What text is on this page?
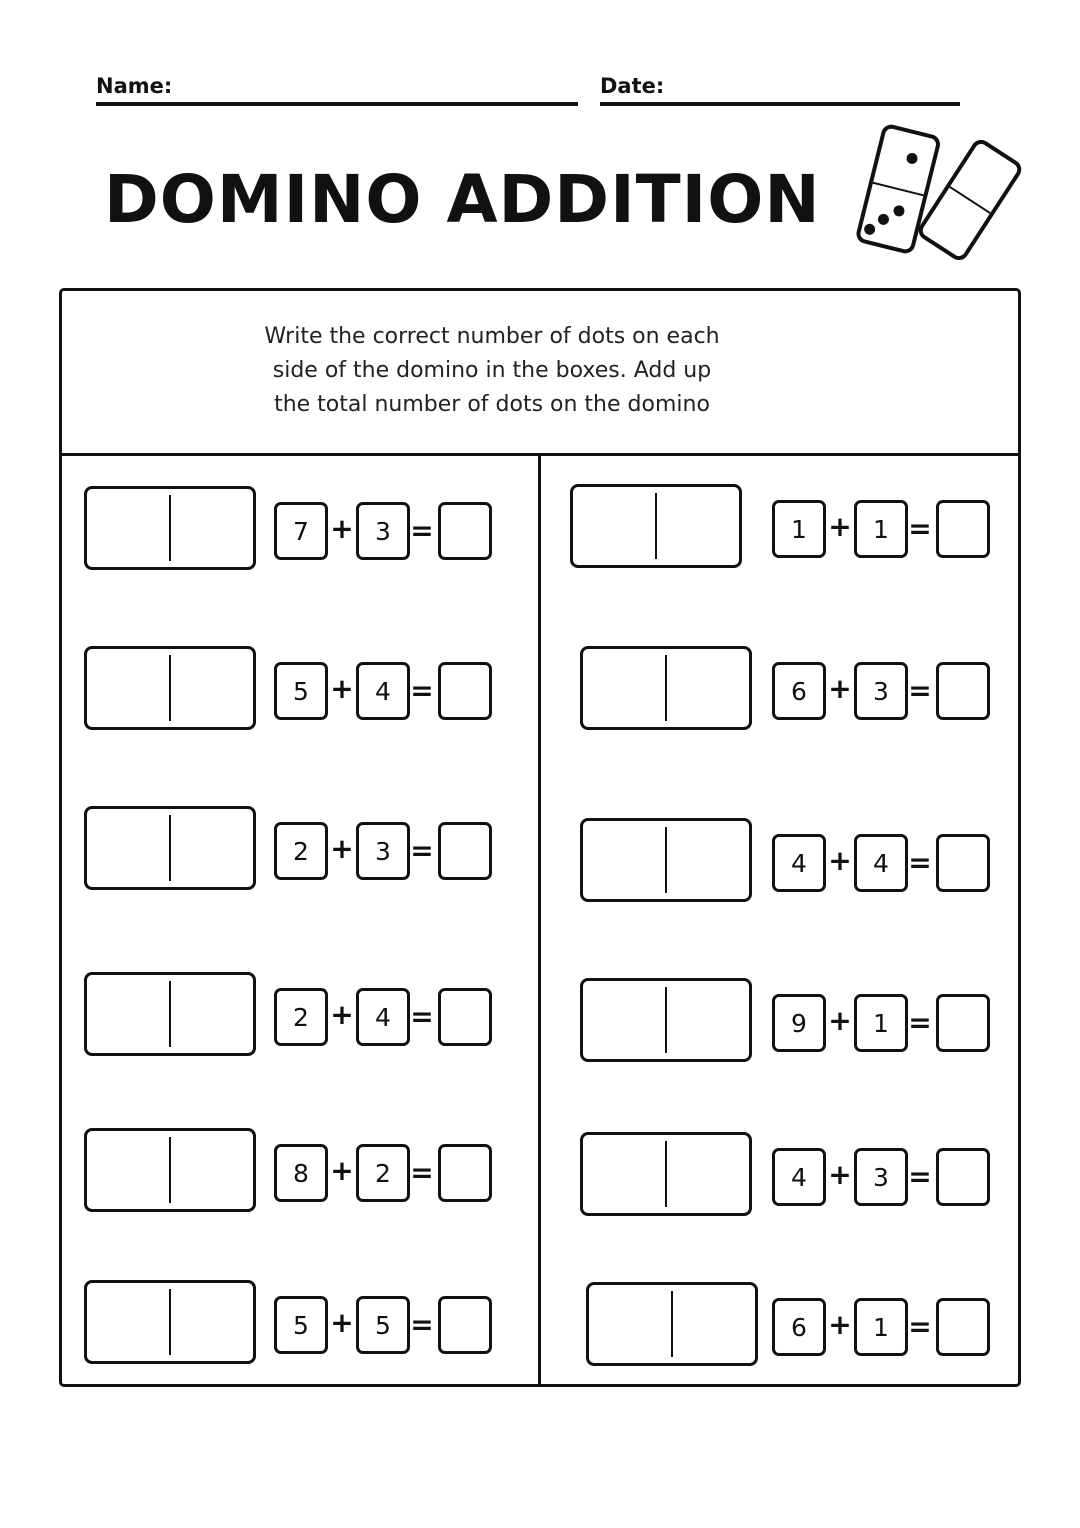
Name:	Date:
DOMINO ADDITION
Write the correct number of dots on each
side of the domino in the boxes. Add up
the total number of dots on the domino
7 + 3 =
5 + 4 =
2 + 3 =
2 + 4 =
8 + 2 =
5 + 5 =
1 + 1 =
6 + 3 =
4 + 4 =
9 + 1 =
4 + 3 =
6 + 1 =
